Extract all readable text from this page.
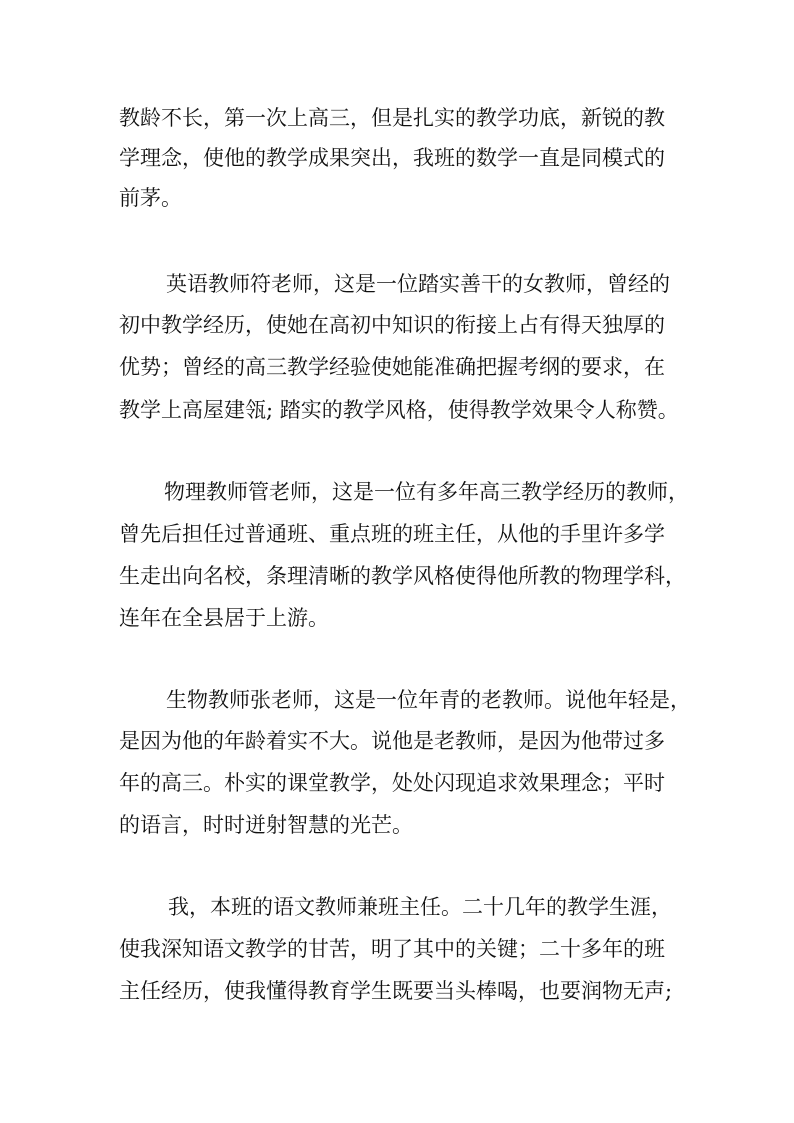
教龄不长，第一次上高三，但是扎实的教学功底，新锐的教
学理念，使他的教学成果突出，我班的数学一直是同模式的
前茅。
英语教师符老师，这是一位踏实善干的女教师，曾经的
初中教学经历，使她在高初中知识的衔接上占有得天独厚的
优势；曾经的高三教学经验使她能准确把握考纲的要求，在
教学上高屋建瓴; 踏实的教学风格，使得教学效果令人称赞。
物理教师管老师，这是一位有多年高三教学经历的教师，
曾先后担任过普通班、重点班的班主任，从他的手里许多学
生走出向名校，条理清晰的教学风格使得他所教的物理学科，
连年在全县居于上游。
生物教师张老师，这是一位年青的老教师。说他年轻是，
是因为他的年龄着实不大。说他是老教师，是因为他带过多
年的高三。朴实的课堂教学，处处闪现追求效果理念；平时
的语言，时时迸射智慧的光芒。
我，本班的语文教师兼班主任。二十几年的教学生涯，
使我深知语文教学的甘苦，明了其中的关键；二十多年的班
主任经历，使我懂得教育学生既要当头棒喝，也要润物无声;
